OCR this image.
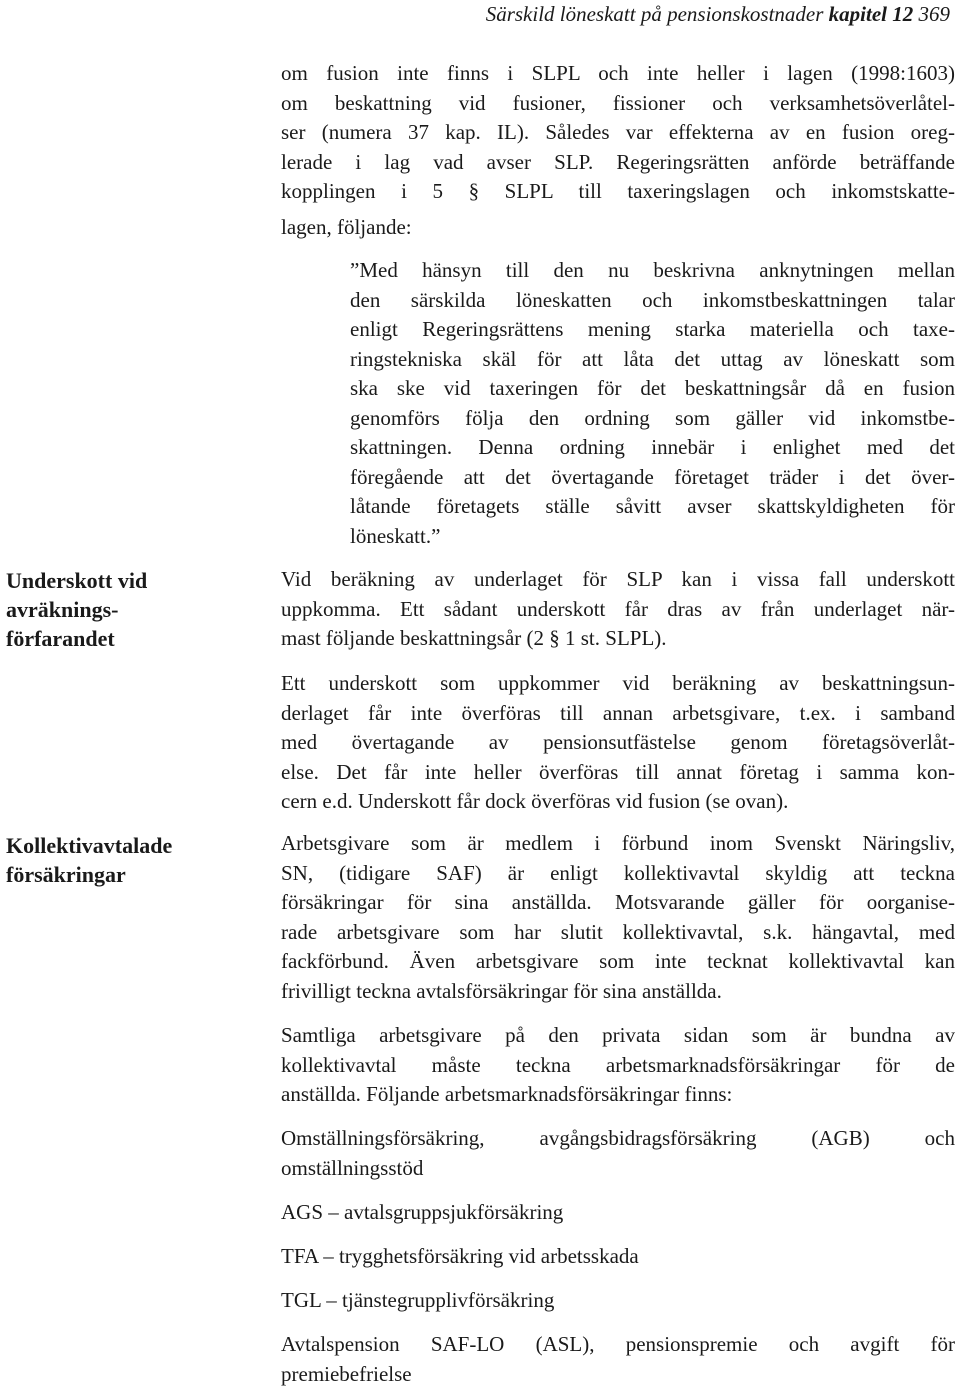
Särskild löneskatt på pensionskostnader kapitel 12 369
Underskott vid
avräknings-
förfarandet
Kollektivavtalade
försäkringar
om fusion inte finns i SLPL och inte heller i lagen (1998:1603)
om beskattning vid fusioner, fissioner och verksamhetsöverlåtel-
ser (numera 37 kap. IL). Således var effekterna av en fusion oreg-
lerade i lag vad avser SLP. Regeringsrätten anförde beträffande
kopplingen i 5 § SLPL till taxeringslagen och inkomstskatte-
lagen, följande:
”Med hänsyn till den nu beskrivna anknytningen mellan
den särskilda löneskatten och inkomstbeskattningen talar
enligt Regeringsrättens mening starka materiella och taxe-
ringstekniska skäl för att låta det uttag av löneskatt som
ska ske vid taxeringen för det beskattningsår då en fusion
genomförs följa den ordning som gäller vid inkomstbe-
skattningen. Denna ordning innebär i enlighet med det
föregående att det övertagande företaget träder i det över-
låtande företagets ställe såvitt avser skattskyldigheten för
löneskatt.”
Vid beräkning av underlaget för SLP kan i vissa fall underskott
uppkomma. Ett sådant underskott får dras av från underlaget när-
mast följande beskattningsår (2 § 1 st. SLPL).
Ett underskott som uppkommer vid beräkning av beskattningsun-
derlaget får inte överföras till annan arbetsgivare, t.ex. i samband
med övertagande av pensionsutfästelse genom företagsöverlåt-
else. Det får inte heller överföras till annat företag i samma kon-
cern e.d. Underskott får dock överföras vid fusion (se ovan).
Arbetsgivare som är medlem i förbund inom Svenskt Näringsliv,
SN, (tidigare SAF) är enligt kollektivavtal skyldig att teckna
försäkringar för sina anställda. Motsvarande gäller för oorganise-
rade arbetsgivare som har slutit kollektivavtal, s.k. hängavtal, med
fackförbund. Även arbetsgivare som inte tecknat kollektivavtal kan
frivilligt teckna avtalsförsäkringar för sina anställda.
Samtliga arbetsgivare på den privata sidan som är bundna av
kollektivavtal måste teckna arbetsmarknadsförsäkringar för de
anställda. Följande arbetsmarknadsförsäkringar finns:
Omställningsförsäkring, avgångsbidragsförsäkring (AGB) och
omställningsstöd
AGS – avtalsgruppsjukförsäkring
TFA – trygghetsförsäkring vid arbetsskada
TGL – tjänstegrupplivförsäkring
Avtalspension SAF-LO (ASL), pensionspremie och avgift för
premiebefrielse
